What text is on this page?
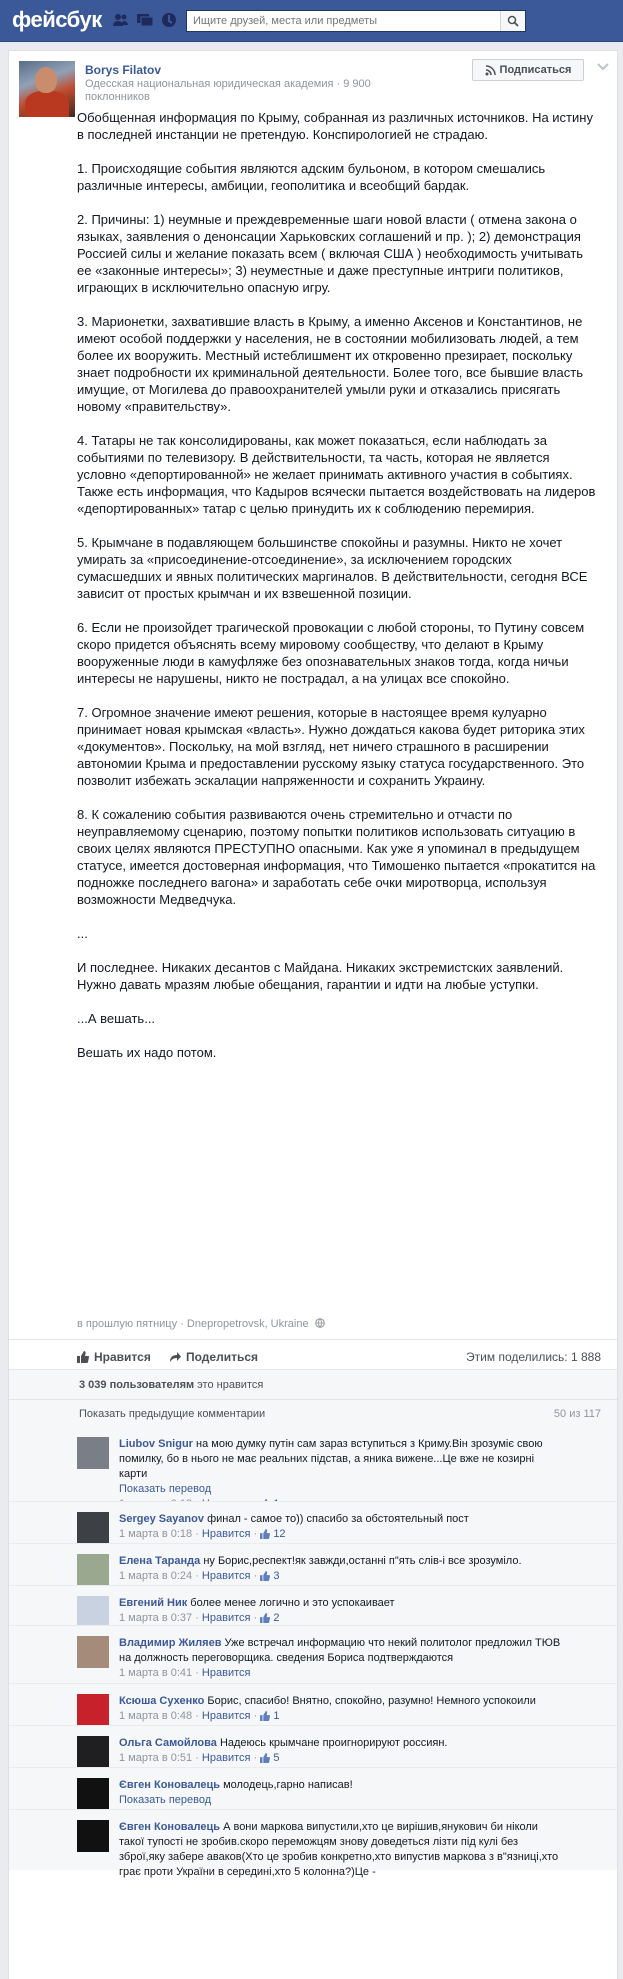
фейсбук
Ищите друзей, места или предметы
Borys Filatov
Одесская национальная юридическая академия · 9 900 поклонников
Подписаться

Обобщенная информация по Крыму, собранная из различных источников. На истину в последней инстанции не претендую. Конспирологией не страдаю.

1. Происходящие события являются адским бульоном, в котором смешались различные интересы, амбиции, геополитика и всеобщий бардак.

2. Причины: 1) неумные и преждевременные шаги новой власти ( отмена закона о языках, заявления о денонсации Харьковских соглашений и пр. ); 2) демонстрация Россией силы и желание показать всем ( включая США ) необходимость учитывать ее «законные интересы»; 3) неуместные и даже преступные интриги политиков, играющих в исключительно опасную игру.

3. Марионетки, захватившие власть в Крыму, а именно Аксенов и Константинов, не имеют особой поддержки у населения, не в состоянии мобилизовать людей, а тем более их вооружить. Местный истеблишмент их откровенно презирает, поскольку знает подробности их криминальной деятельности. Более того, все бывшие власть имущие, от Могилева до правоохранителей умыли руки и отказались присягать новому «правительству».

4. Татары не так консолидированы, как может показаться, если наблюдать за событиями по телевизору. В действительности, та часть, которая не является условно «депортированной» не желает принимать активного участия в событиях. Также есть информация, что Кадыров всячески пытается воздействовать на лидеров «депортированных» татар с целью принудить их к соблюдению перемирия.

5. Крымчане в подавляющем большинстве спокойны и разумны. Никто не хочет умирать за «присоединение-отсоединение», за исключением городских сумасшедших и явных политических маргиналов. В действительности, сегодня ВСЕ зависит от простых крымчан и их взвешенной позиции.

6. Если не произойдет трагической провокации с любой стороны, то Путину совсем скоро придется объяснять всему мировому сообществу, что делают в Крыму вооруженные люди в камуфляже без опознавательных знаков тогда, когда ничьи интересы не нарушены, никто не пострадал, а на улицах все спокойно.

7. Огромное значение имеют решения, которые в настоящее время кулуарно принимает новая крымская «власть». Нужно дождаться какова будет риторика этих «документов». Поскольку, на мой взгляд, нет ничего страшного в расширении автономии Крыма и предоставлении русскому языку статуса государственного. Это позволит избежать эскалации напряженности и сохранить Украину.

8. К сожалению события развиваются очень стремительно и отчасти по неуправляемому сценарию, поэтому попытки политиков использовать ситуацию в своих целях являются ПРЕСТУПНО опасными. Как уже я упоминал в предыдущем статусе, имеется достоверная информация, что Тимошенко пытается «прокатится на подножке последнего вагона» и заработать себе очки миротворца, используя возможности Медведчука.

...

И последнее. Никаких десантов с Майдана. Никаких экстремистских заявлений. Нужно давать мразям любые обещания, гарантии и идти на любые уступки.

...А вешать...

Вешать их надо потом.

в прошлую пятницу · Dnepropetrovsk, Ukraine
Нравится	Поделиться	Этим поделились: 1 888
3 039 пользователям это нравится
Показать предыдущие комментарии	50 из 117
Liubov Snigur на мою думку путін сам зараз вступиться з Криму.Він зрозуміє свою помилку, бо в нього не має реальних підстав, а яника вижене...Це вже не козирні карти
Показать перевод
Sergey Sayanov финал - самое то)) спасибо за обстоятельный пост
1 марта в 0:18 · Нравится ·  12
Елена Таранда ну Борис,респект!як завжди,останні п"ять слів-і все зрозуміло.
1 марта в 0:24 · Нравится ·  3
Евгений Ник более менее логично и это успокаивает
1 марта в 0:37 · Нравится ·  2
Владимир Жиляев Уже встречал информацию что некий политолог предложил ТЮВ на должность переговорщика. сведения Бориса подтверждаются
1 марта в 0:41 · Нравится
Ксюша Сухенко Борис, спасибо! Внятно, спокойно, разумно! Немного успокоили
1 марта в 0:48 · Нравится ·  1
Ольга Самойлова Надеюсь крымчане проигнорируют россиян.
1 марта в 0:51 · Нравится ·  5
Євген Коновалець молодець,гарно написав!
Показать перевод
Євген Коновалець А вони маркова випустили,хто це вирішив,янукович би ніколи такої тупості не зробив.скоро переможцям знову доведеться лізти під кулі без зброї,яку забере аваков(Хто це зробив конкретно,хто випустив маркова з в"язниці,хто грає проти України в середині,хто 5 колонна?)Це -
